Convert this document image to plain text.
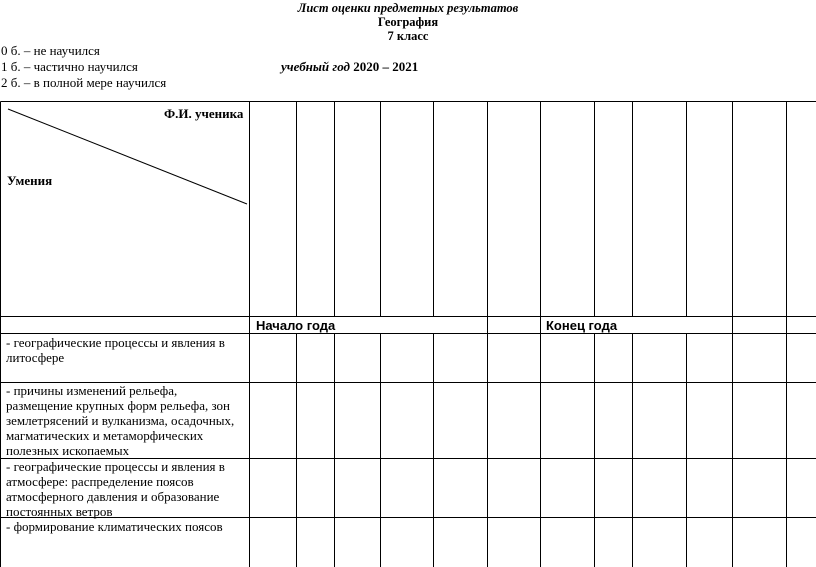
Лист оценки предметных результатов
География
7 класс
0 б. – не научился
1 б. – частично научился
2 б. – в полной мере научился
учебный год 2020 – 2021
Ф.И. ученика
Умения
Начало года	Конец года
- географические процессы и явления в литосфере
- причины изменений рельефа, размещение крупных форм рельефа, зон землетрясений и вулканизма, осадочных, магматических и метаморфических полезных ископаемых
- географические процессы и явления в атмосфере: распределение поясов атмосферного давления и образование постоянных ветров
- формирование климатических поясов
